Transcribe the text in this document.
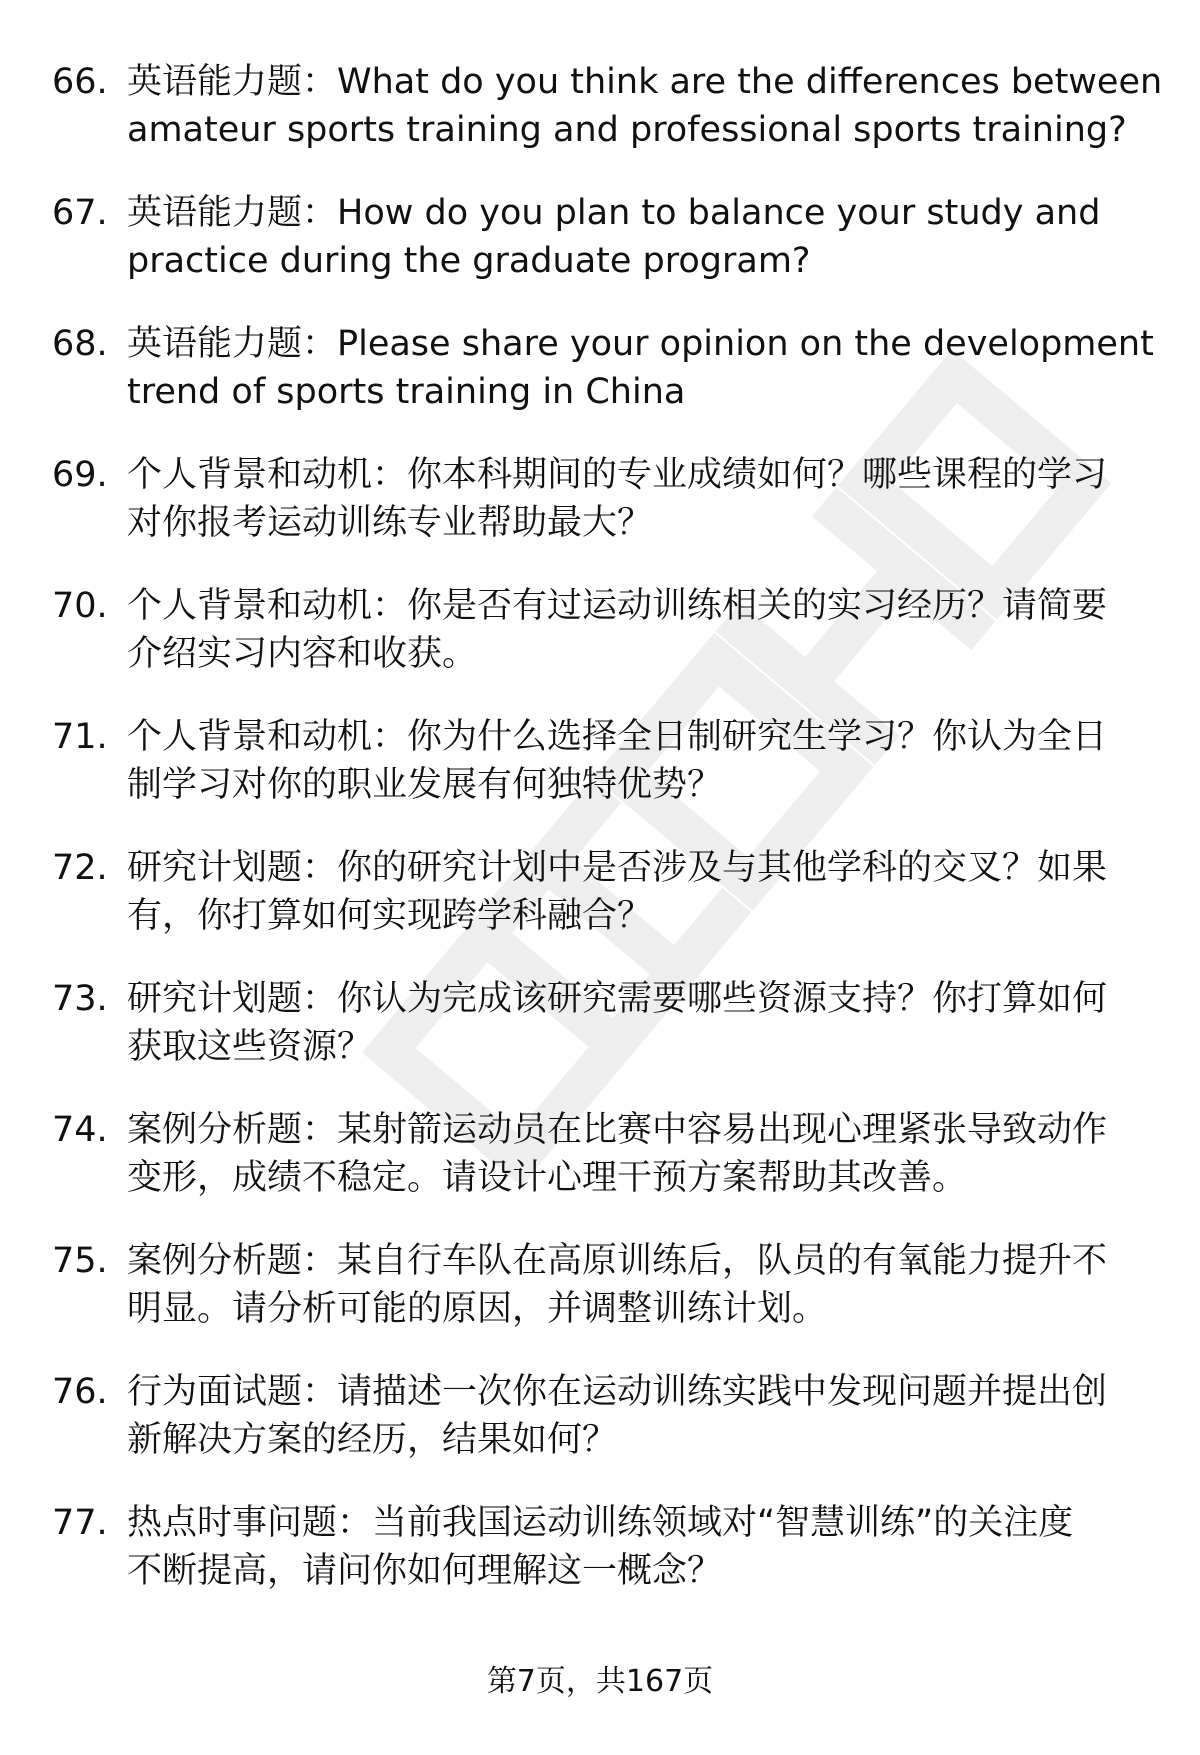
66. 英语能力题：What do you think are the differences between
amateur sports training and professional sports training?
67. 英语能力题：How do you plan to balance your study and
practice during the graduate program?
68. 英语能力题：Please share your opinion on the development
trend of sports training in China
69. 个人背景和动机：你本科期间的专业成绩如何？哪些课程的学习
对你报考运动训练专业帮助最大？
70. 个人背景和动机：你是否有过运动训练相关的实习经历？请简要
介绍实习内容和收获。
71. 个人背景和动机：你为什么选择全日制研究生学习？你认为全日
制学习对你的职业发展有何独特优势？
72. 研究计划题：你的研究计划中是否涉及与其他学科的交叉？如果
有，你打算如何实现跨学科融合？
73. 研究计划题：你认为完成该研究需要哪些资源支持？你打算如何
获取这些资源？
74. 案例分析题：某射箭运动员在比赛中容易出现心理紧张导致动作
变形，成绩不稳定。请设计心理干预方案帮助其改善。
75. 案例分析题：某自行车队在高原训练后，队员的有氧能力提升不
明显。请分析可能的原因，并调整训练计划。
76. 行为面试题：请描述一次你在运动训练实践中发现问题并提出创
新解决方案的经历，结果如何？
77. 热点时事问题：当前我国运动训练领域对“智慧训练”的关注度
不断提高，请问你如何理解这一概念？
第7页，共167页
